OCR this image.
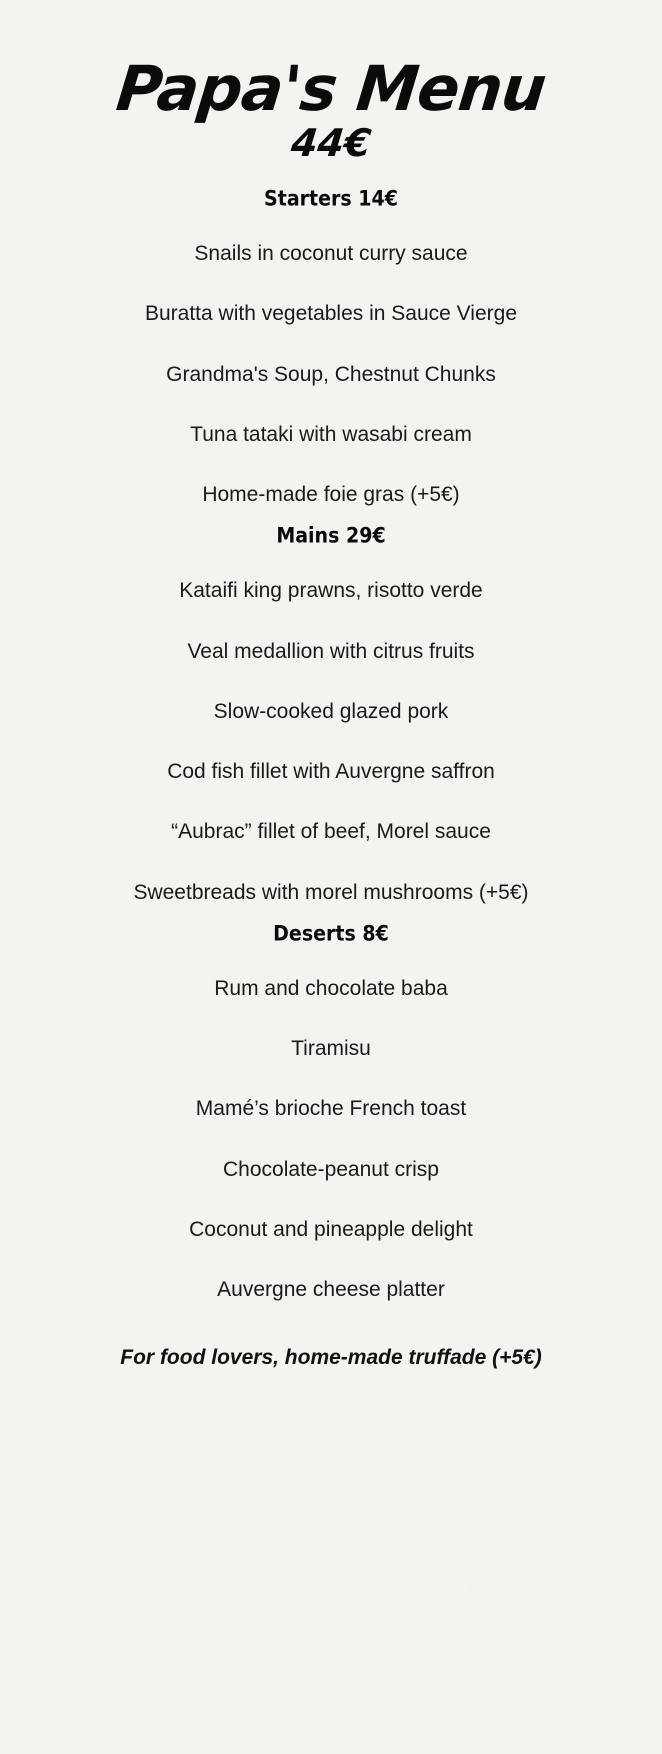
Papa's Menu
44€
Starters 14€
Snails in coconut curry sauce
Buratta with vegetables in Sauce Vierge
Grandma's Soup, Chestnut Chunks
Tuna tataki with wasabi cream
Home-made foie gras (+5€)
Mains 29€
Kataifi king prawns, risotto verde
Veal medallion with citrus fruits
Slow-cooked glazed pork
Cod fish fillet with Auvergne saffron
“Aubrac” fillet of beef, Morel sauce
Sweetbreads with morel mushrooms (+5€)
Deserts 8€
Rum and chocolate baba
Tiramisu
Mamé’s brioche French toast
Chocolate-peanut crisp
Coconut and pineapple delight
Auvergne cheese platter
For food lovers, home-made truffade (+5€)
